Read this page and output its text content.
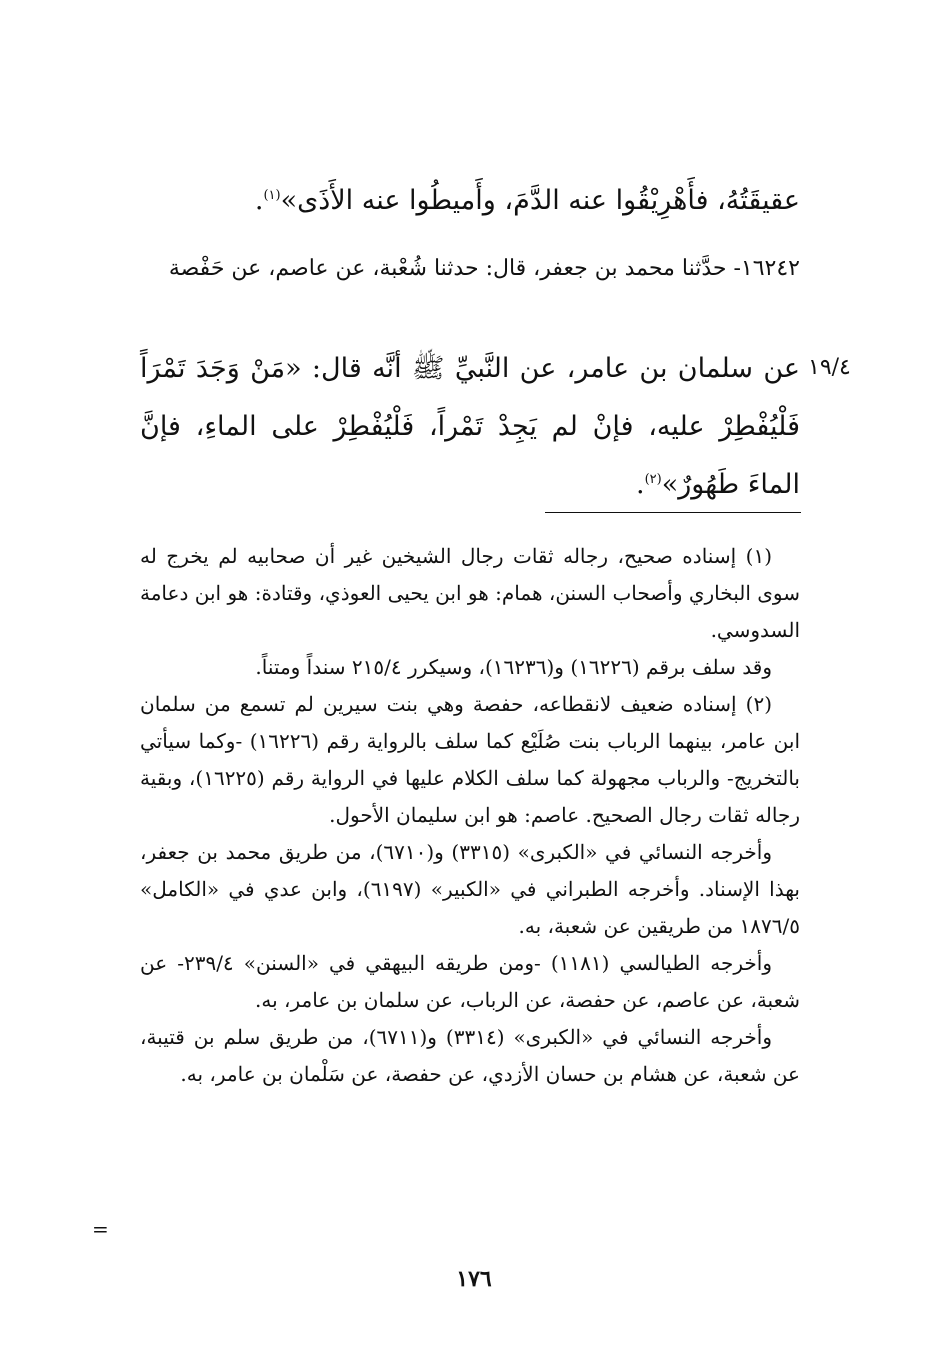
عقيقَتُهُ، فأَهْرِيْقُوا عنه الدَّمَ، وأَميطُوا عنه الأَذَى»$^{(١)}$.

١٦٢٤٢- حدَّثنا محمد بن جعفر، قال: حدثنا شُعْبة، عن عاصم، عن حَفْصة

١٩/٤

عن سلمان بن عامر، عن النَّبيِّ ﷺ أنَّه قال: «مَنْ وَجَدَ تَمْرَاً فَلْيُفْطِرْ عليه، فإنْ لم يَجِدْ تَمْراً، فَلْيُفْطِرْ على الماءِ، فإنَّ الماءَ طَهُورٌ»$^{(٢)}$.

(١) إسناده صحيح، رجاله ثقات رجال الشيخين غير أن صحابيه لم يخرج له سوى البخاري وأصحاب السنن، همام: هو ابن يحيى العوذي، وقتادة: هو ابن دعامة السدوسي.

وقد سلف برقم (١٦٢٢٦) و(١٦٢٣٦)، وسيكرر ٢١٥/٤ سنداً ومتناً.

(٢) إسناده ضعيف لانقطاعه، حفصة وهي بنت سيرين لم تسمع من سلمان ابن عامر، بينهما الرباب بنت صُلَيْع كما سلف بالرواية رقم (١٦٢٢٦) -وكما سيأتي بالتخريج- والرباب مجهولة كما سلف الكلام عليها في الرواية رقم (١٦٢٢٥)، وبقية رجاله ثقات رجال الصحيح. عاصم: هو ابن سليمان الأحول.

وأخرجه النسائي في «الكبرى» (٣٣١٥) و(٦٧١٠)، من طريق محمد بن جعفر، بهذا الإسناد. وأخرجه الطبراني في «الكبير» (٦١٩٧)، وابن عدي في «الكامل» ١٨٧٦/٥ من طريقين عن شعبة، به.

وأخرجه الطيالسي (١١٨١) -ومن طريقه البيهقي في «السنن» ٢٣٩/٤- عن شعبة، عن عاصم، عن حفصة، عن الرباب، عن سلمان بن عامر، به.

وأخرجه النسائي في «الكبرى» (٣٣١٤) و(٦٧١١)، من طريق سلم بن قتيبة، عن شعبة، عن هشام بن حسان الأزدي، عن حفصة، عن سَلْمان بن عامر، به.

=
١٧٦
